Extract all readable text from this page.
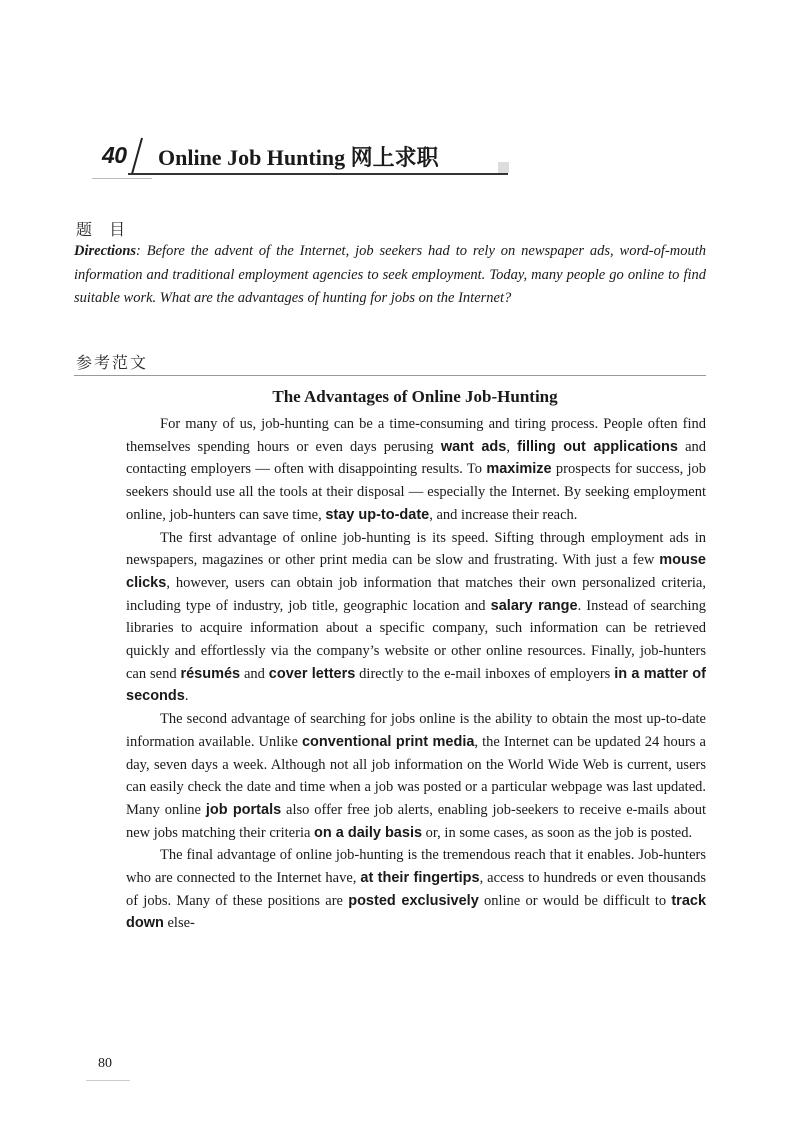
40 Online Job Hunting 网上求职
题 目
Directions: Before the advent of the Internet, job seekers had to rely on newspaper ads, word-of-mouth information and traditional employment agencies to seek employment. Today, many people go online to find suitable work. What are the advantages of hunting for jobs on the Internet?
参考范文
The Advantages of Online Job-Hunting

For many of us, job-hunting can be a time-consuming and tiring process. People often find themselves spending hours or even days perusing want ads, filling out applications and contacting employers — often with disappointing results. To maximize prospects for success, job seekers should use all the tools at their disposal — especially the Internet. By seeking employment online, job-hunters can save time, stay up-to-date, and increase their reach.

The first advantage of online job-hunting is its speed. Sifting through employment ads in newspapers, magazines or other print media can be slow and frustrating. With just a few mouse clicks, however, users can obtain job information that matches their own personalized criteria, including type of industry, job title, geographic location and salary range. Instead of searching libraries to acquire information about a specific company, such information can be retrieved quickly and effortlessly via the company’s website or other online resources. Finally, job-hunters can send résumés and cover letters directly to the e-mail inboxes of employers in a matter of seconds.

The second advantage of searching for jobs online is the ability to obtain the most up-to-date information available. Unlike conventional print media, the Internet can be updated 24 hours a day, seven days a week. Although not all job information on the World Wide Web is current, users can easily check the date and time when a job was posted or a particular webpage was last updated. Many online job portals also offer free job alerts, enabling job-seekers to receive e-mails about new jobs matching their criteria on a daily basis or, in some cases, as soon as the job is posted.

The final advantage of online job-hunting is the tremendous reach that it enables. Job-hunters who are connected to the Internet have, at their fingertips, access to hundreds or even thousands of jobs. Many of these positions are posted exclusively online or would be difficult to track down else-

80
